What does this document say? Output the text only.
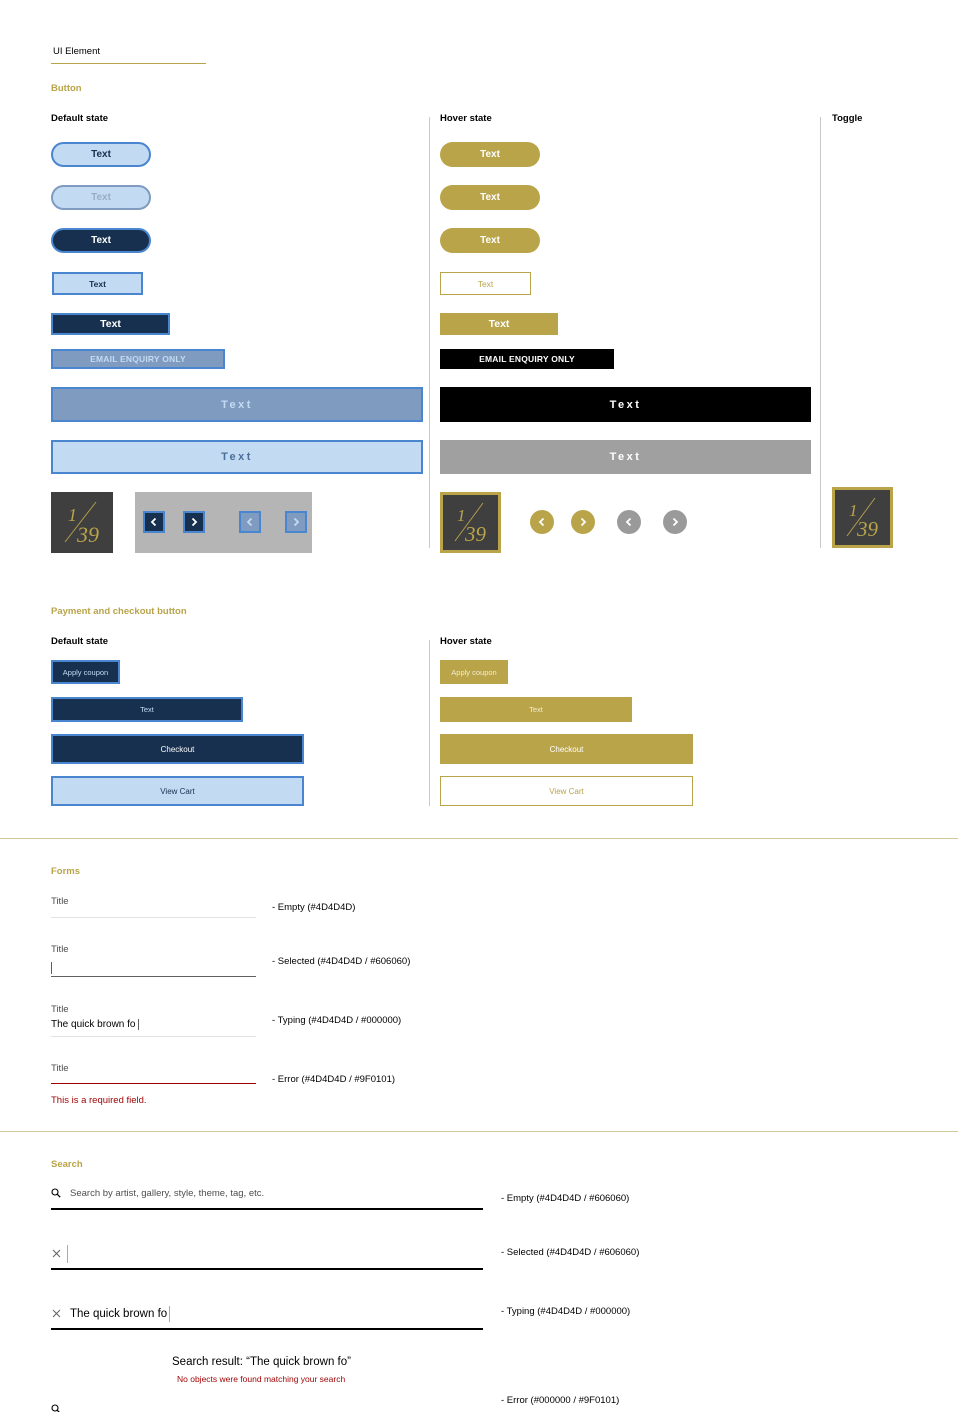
UI Element
Button
Default state	Hover state	Toggle
Text
Text
Text
Text
Text
EMAIL ENQUIRY ONLY
Text
Text
1
39
Text
Text
Text
Text
Text
EMAIL ENQUIRY ONLY
Text
Text
1
39
1
39
Payment and checkout button
Default state	Hover state
Apply coupon
Text
Checkout
View Cart
Apply coupon
Text
Checkout
View Cart
Forms
Title
- Empty (#4D4D4D)
Title
- Selected (#4D4D4D / #606060)
Title
The quick brown fo	- Typing (#4D4D4D / #000000)
Title
- Error (#4D4D4D / #9F0101)
This is a required field.
Search
Search by artist, gallery, style, theme, tag, etc.	- Empty (#4D4D4D / #606060)
- Selected (#4D4D4D / #606060)
The quick brown fo	- Typing (#4D4D4D / #000000)
Search result: “The quick brown fo”
No objects were found matching your search
- Error (#000000 / #9F0101)
